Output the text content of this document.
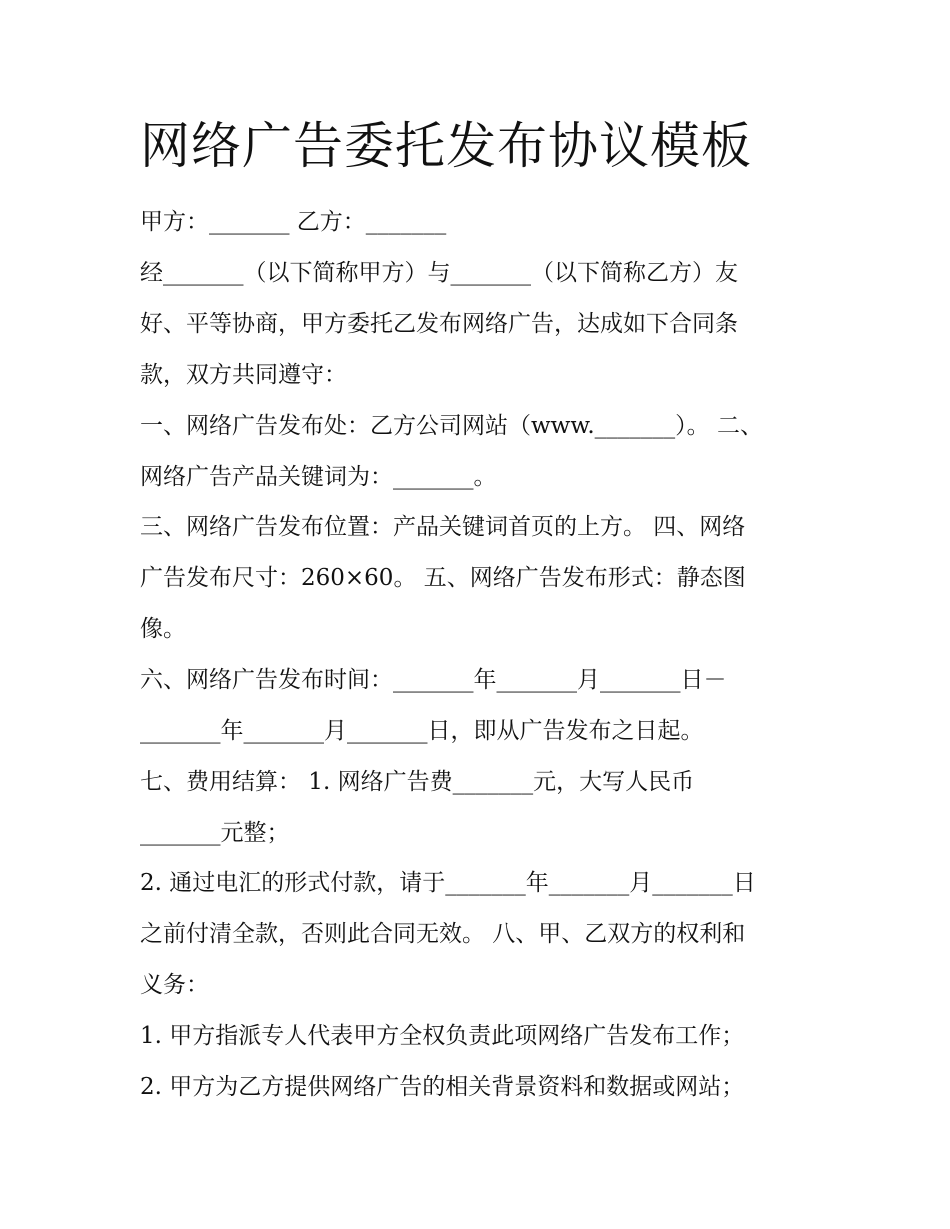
网络广告委托发布协议模板

甲方：_______ 乙方：_______

经_______（以下简称甲方）与_______（以下简称乙方）友

好、平等协商，甲方委托乙发布网络广告，达成如下合同条

款，双方共同遵守：

一、网络广告发布处：乙方公司网站（www._______）。 二、

网络广告产品关键词为：_______。

三、网络广告发布位置：产品关键词首页的上方。 四、网络

广告发布尺寸：260×60。 五、网络广告发布形式：静态图

像。

六、网络广告发布时间：_______年_______月_______日－

_______年_______月_______日，即从广告发布之日起。

七、费用结算： 1. 网络广告费_______元，大写人民币

_______元整；

2. 通过电汇的形式付款，请于_______年_______月_______日

之前付清全款，否则此合同无效。 八、甲、乙双方的权利和

义务：

1. 甲方指派专人代表甲方全权负责此项网络广告发布工作；

2. 甲方为乙方提供网络广告的相关背景资料和数据或网站；
